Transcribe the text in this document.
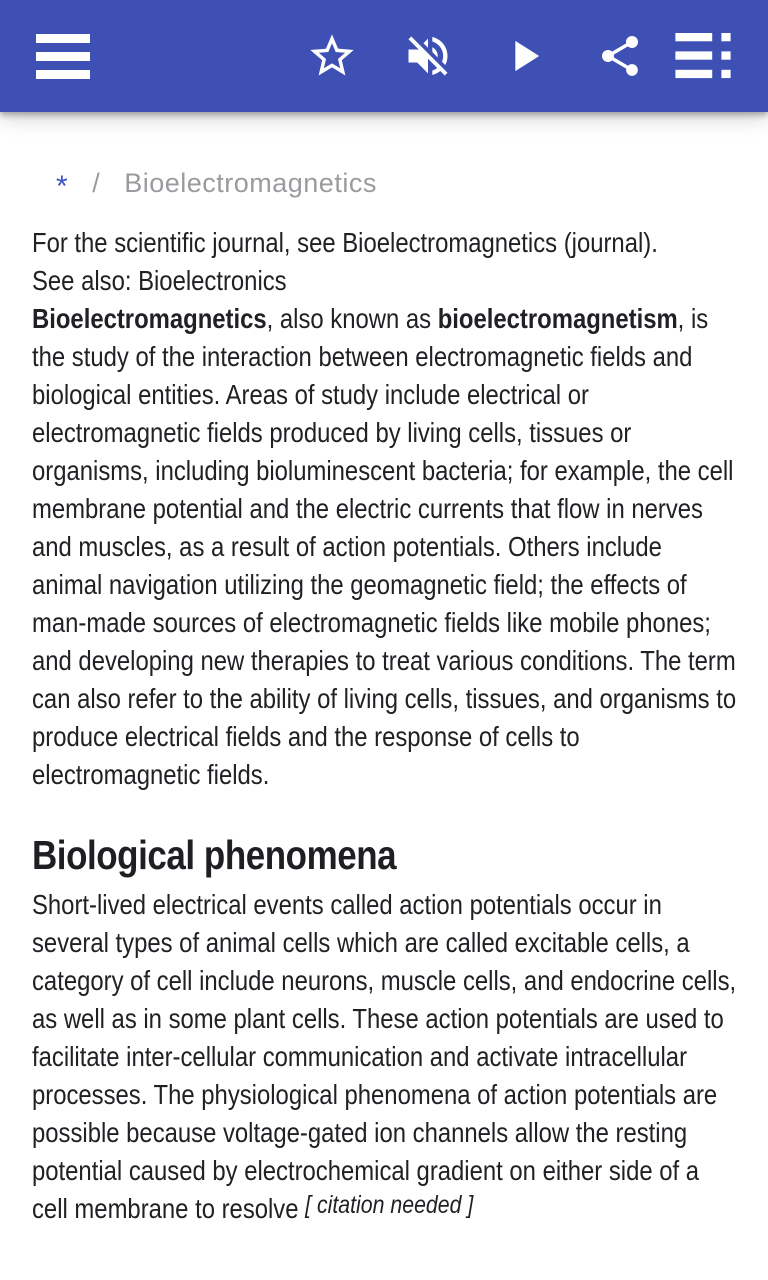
* / Bioelectromagnetics

For the scientific journal, see Bioelectromagnetics (journal).

See also: Bioelectronics

Bioelectromagnetics, also known as bioelectromagnetism, is the study of the interaction between electromagnetic fields and biological entities. Areas of study include electrical or electromagnetic fields produced by living cells, tissues or organisms, including bioluminescent bacteria; for example, the cell membrane potential and the electric currents that flow in nerves and muscles, as a result of action potentials. Others include animal navigation utilizing the geomagnetic field; the effects of man-made sources of electromagnetic fields like mobile phones; and developing new therapies to treat various conditions. The term can also refer to the ability of living cells, tissues, and organisms to produce electrical fields and the response of cells to electromagnetic fields.

Biological phenomena

Short-lived electrical events called action potentials occur in several types of animal cells which are called excitable cells, a category of cell include neurons, muscle cells, and endocrine cells, as well as in some plant cells. These action potentials are used to facilitate inter-cellular communication and activate intracellular processes. The physiological phenomena of action potentials are possible because voltage-gated ion channels allow the resting potential caused by electrochemical gradient on either side of a cell membrane to resolve [ citation needed ]
